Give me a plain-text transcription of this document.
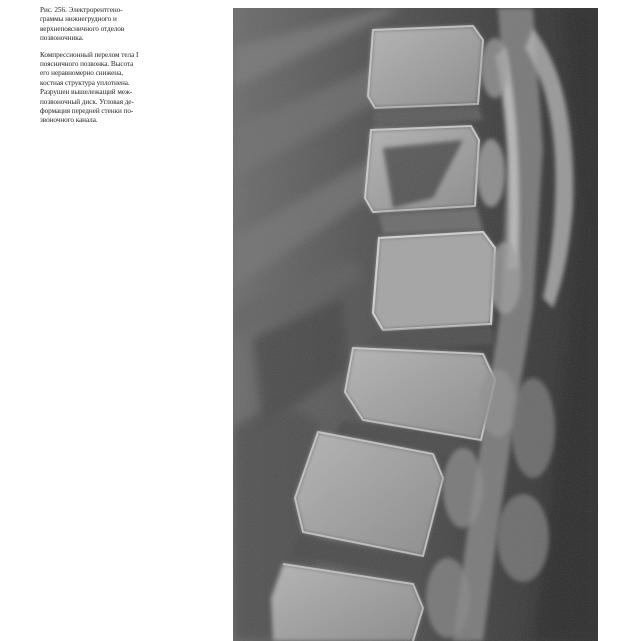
Рис. 256. Электрорентгено-
граммы нижнегрудного и
верхнепоясничного отделов
позвоночника.

Компрессионный перелом тела I
поясничного позвонка. Высота
его неравномерно снижена,
костная структура уплотнена.
Разрушен вышележащий меж-
позвоночный диск. Угловая де-
формация передней стенки по-
звоночного канала.
